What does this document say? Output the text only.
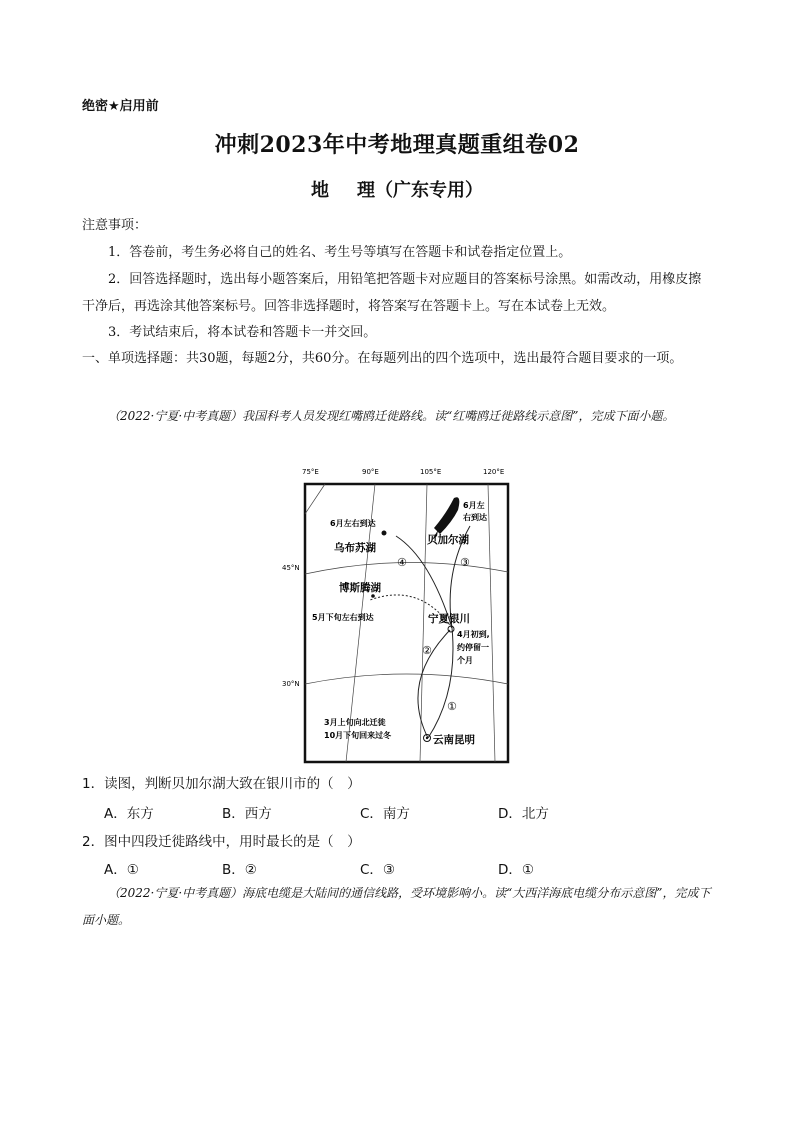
绝密★启用前
冲刺2023年中考地理真题重组卷02
地 理（广东专用）
注意事项：
1．答卷前，考生务必将自己的姓名、考生号等填写在答题卡和试卷指定位置上。
2．回答选择题时，选出每小题答案后，用铅笔把答题卡对应题目的答案标号涂黑。如需改动，用橡皮擦干净后，再选涂其他答案标号。回答非选择题时，将答案写在答题卡上。写在本试卷上无效。
3．考试结束后，将本试卷和答题卡一并交回。
一、单项选择题：共30题，每题2分，共60分。在每题列出的四个选项中，选出最符合题目要求的一项。
（2022·宁夏·中考真题）我国科考人员发现红嘴鸥迁徙路线。读“红嘴鸥迁徙路线示意图”，完成下面小题。
75°E	90°E	105°E	120°E
45°N
30°N
6月左右到达
6月左
右到达
乌布苏湖
贝加尔湖
④	③
博斯腾湖
宁夏银川
5月下旬左右到达
4月初到,
约停留一
个月
②
①
3月上旬向北迁徙
10月下旬回来过冬	云南昆明
1．读图，判断贝加尔湖大致在银川市的（　）
A．东方	B．西方	C．南方	D．北方
2．图中四段迁徙路线中，用时最长的是（　）
A．①	B．②	C．③	D．①
（2022·宁夏·中考真题）海底电缆是大陆间的通信线路，受环境影响小。读“大西洋海底电缆分布示意图”，完成下面小题。
